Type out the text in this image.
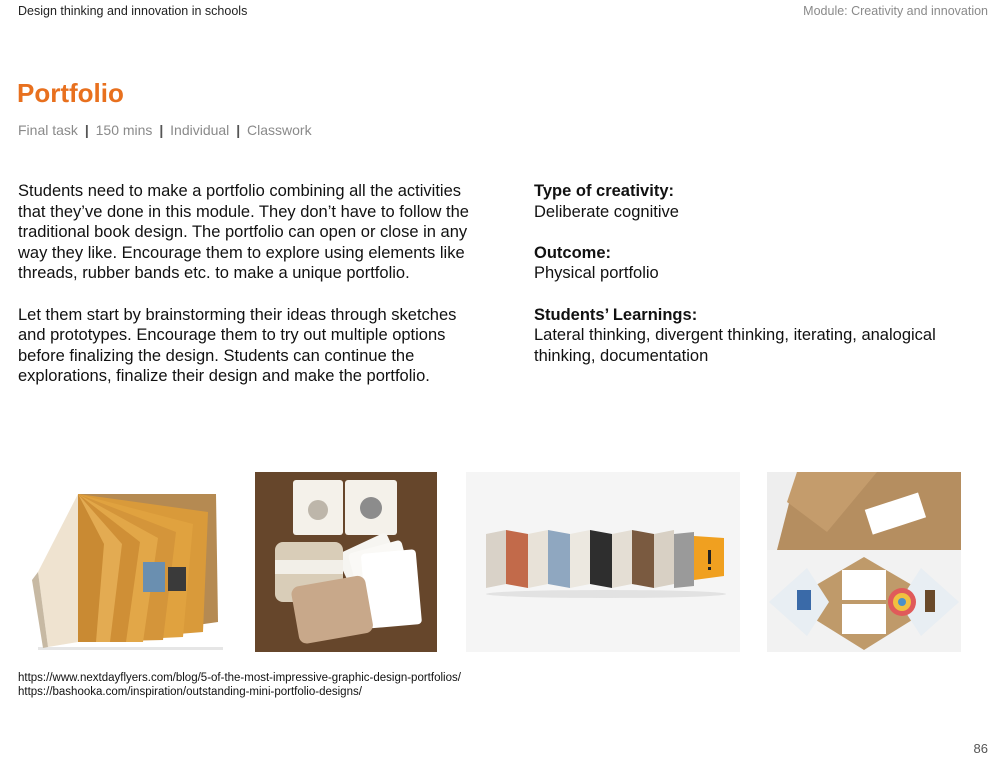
Design thinking and innovation in schools	Module: Creativity and innovation
Portfolio
Final task | 150 mins | Individual | Classwork

Students need to make a portfolio combining all the activities that they’ve done in this module. They don’t have to follow the traditional book design. The portfolio can open or close in any way they like. Encourage them to explore using elements like threads, rubber bands etc. to make a unique portfolio.

Let them start by brainstorming their ideas through sketches and prototypes. Encourage them to try out multiple options before finalizing the design. Students can continue the explorations, finalize their design and make the portfolio.

Type of creativity:
Deliberate cognitive
Outcome:
Physical portfolio
Students’ Learnings:
Lateral thinking, divergent thinking, iterating, analogical thinking, documentation
https://www.nextdayflyers.com/blog/5-of-the-most-impressive-graphic-design-portfolios/
https://bashooka.com/inspiration/outstanding-mini-portfolio-designs/
86
